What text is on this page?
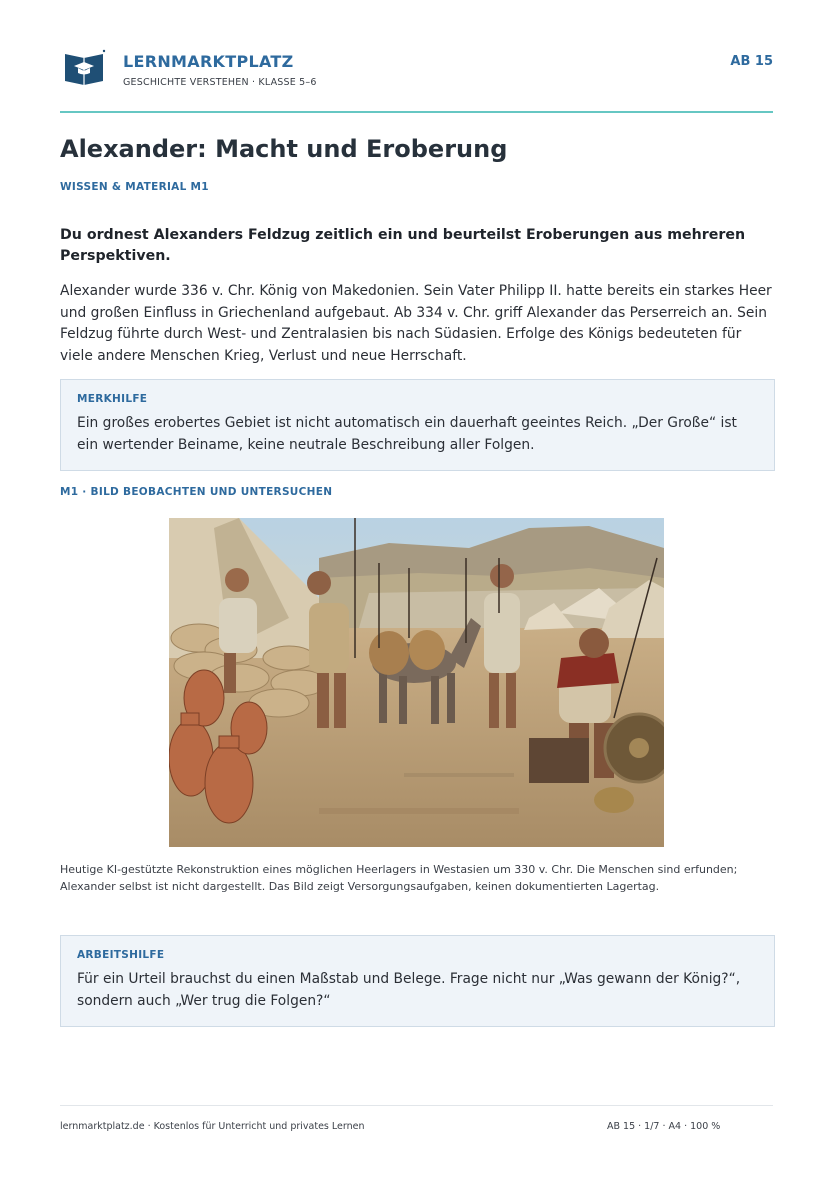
LERNMARKTPLATZ
GESCHICHTE VERSTEHEN · KLASSE 5–6
AB 15
Alexander: Macht und Eroberung
WISSEN & MATERIAL M1

Du ordnest Alexanders Feldzug zeitlich ein und beurteilst Eroberungen aus mehreren Perspektiven.

Alexander wurde 336 v. Chr. König von Makedonien. Sein Vater Philipp II. hatte bereits ein starkes Heer und großen Einfluss in Griechenland aufgebaut. Ab 334 v. Chr. griff Alexander das Perserreich an. Sein Feldzug führte durch West- und Zentralasien bis nach Südasien. Erfolge des Königs bedeuteten für viele andere Menschen Krieg, Verlust und neue Herrschaft.

MERKHILFE
Ein großes erobertes Gebiet ist nicht automatisch ein dauerhaft geeintes Reich. „Der Große“ ist ein wertender Beiname, keine neutrale Beschreibung aller Folgen.
M1 · BILD BEOBACHTEN UND UNTERSUCHEN
Heutige KI-gestützte Rekonstruktion eines möglichen Heerlagers in Westasien um 330 v. Chr. Die Menschen sind erfunden; Alexander selbst ist nicht dargestellt. Das Bild zeigt Versorgungsaufgaben, keinen dokumentierten Lagertag.
ARBEITSHILFE
Für ein Urteil brauchst du einen Maßstab und Belege. Frage nicht nur „Was gewann der König?“, sondern auch „Wer trug die Folgen?“
lernmarktplatz.de · Kostenlos für Unterricht und privates Lernen	AB 15 · 1/7 · A4 · 100 %
